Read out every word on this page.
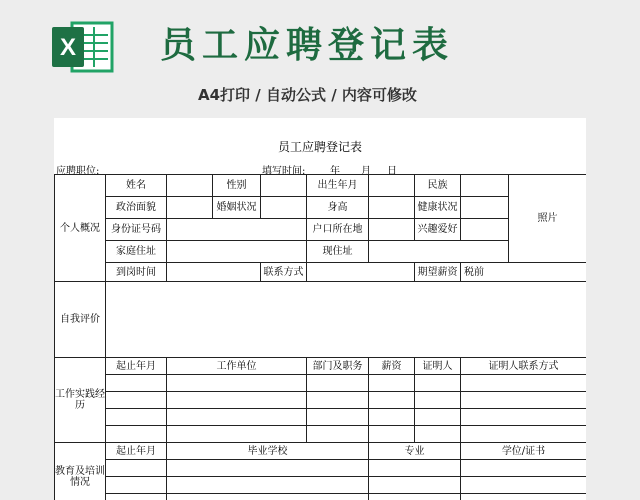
X 员工应聘登记表
A4打印 / 自动公式 / 内容可修改
员工应聘登记表
应聘职位:	填写时间: 年 月 日
个人概况	姓名		性别		出生年月		民族		照片
	政治面貌		婚姻状况		身高		健康状况		
	身份证号码				户口所在地		兴趣爱好		
	家庭住址				现住址				
	到岗时间			联系方式			期望薪资	税前	
自我评价									
工作实践经历	起止年月	工作单位			部门及职务	薪资	证明人	证明人联系方式	

教育及培训情况	起止年月	毕业学校				专业		学位/证书	
